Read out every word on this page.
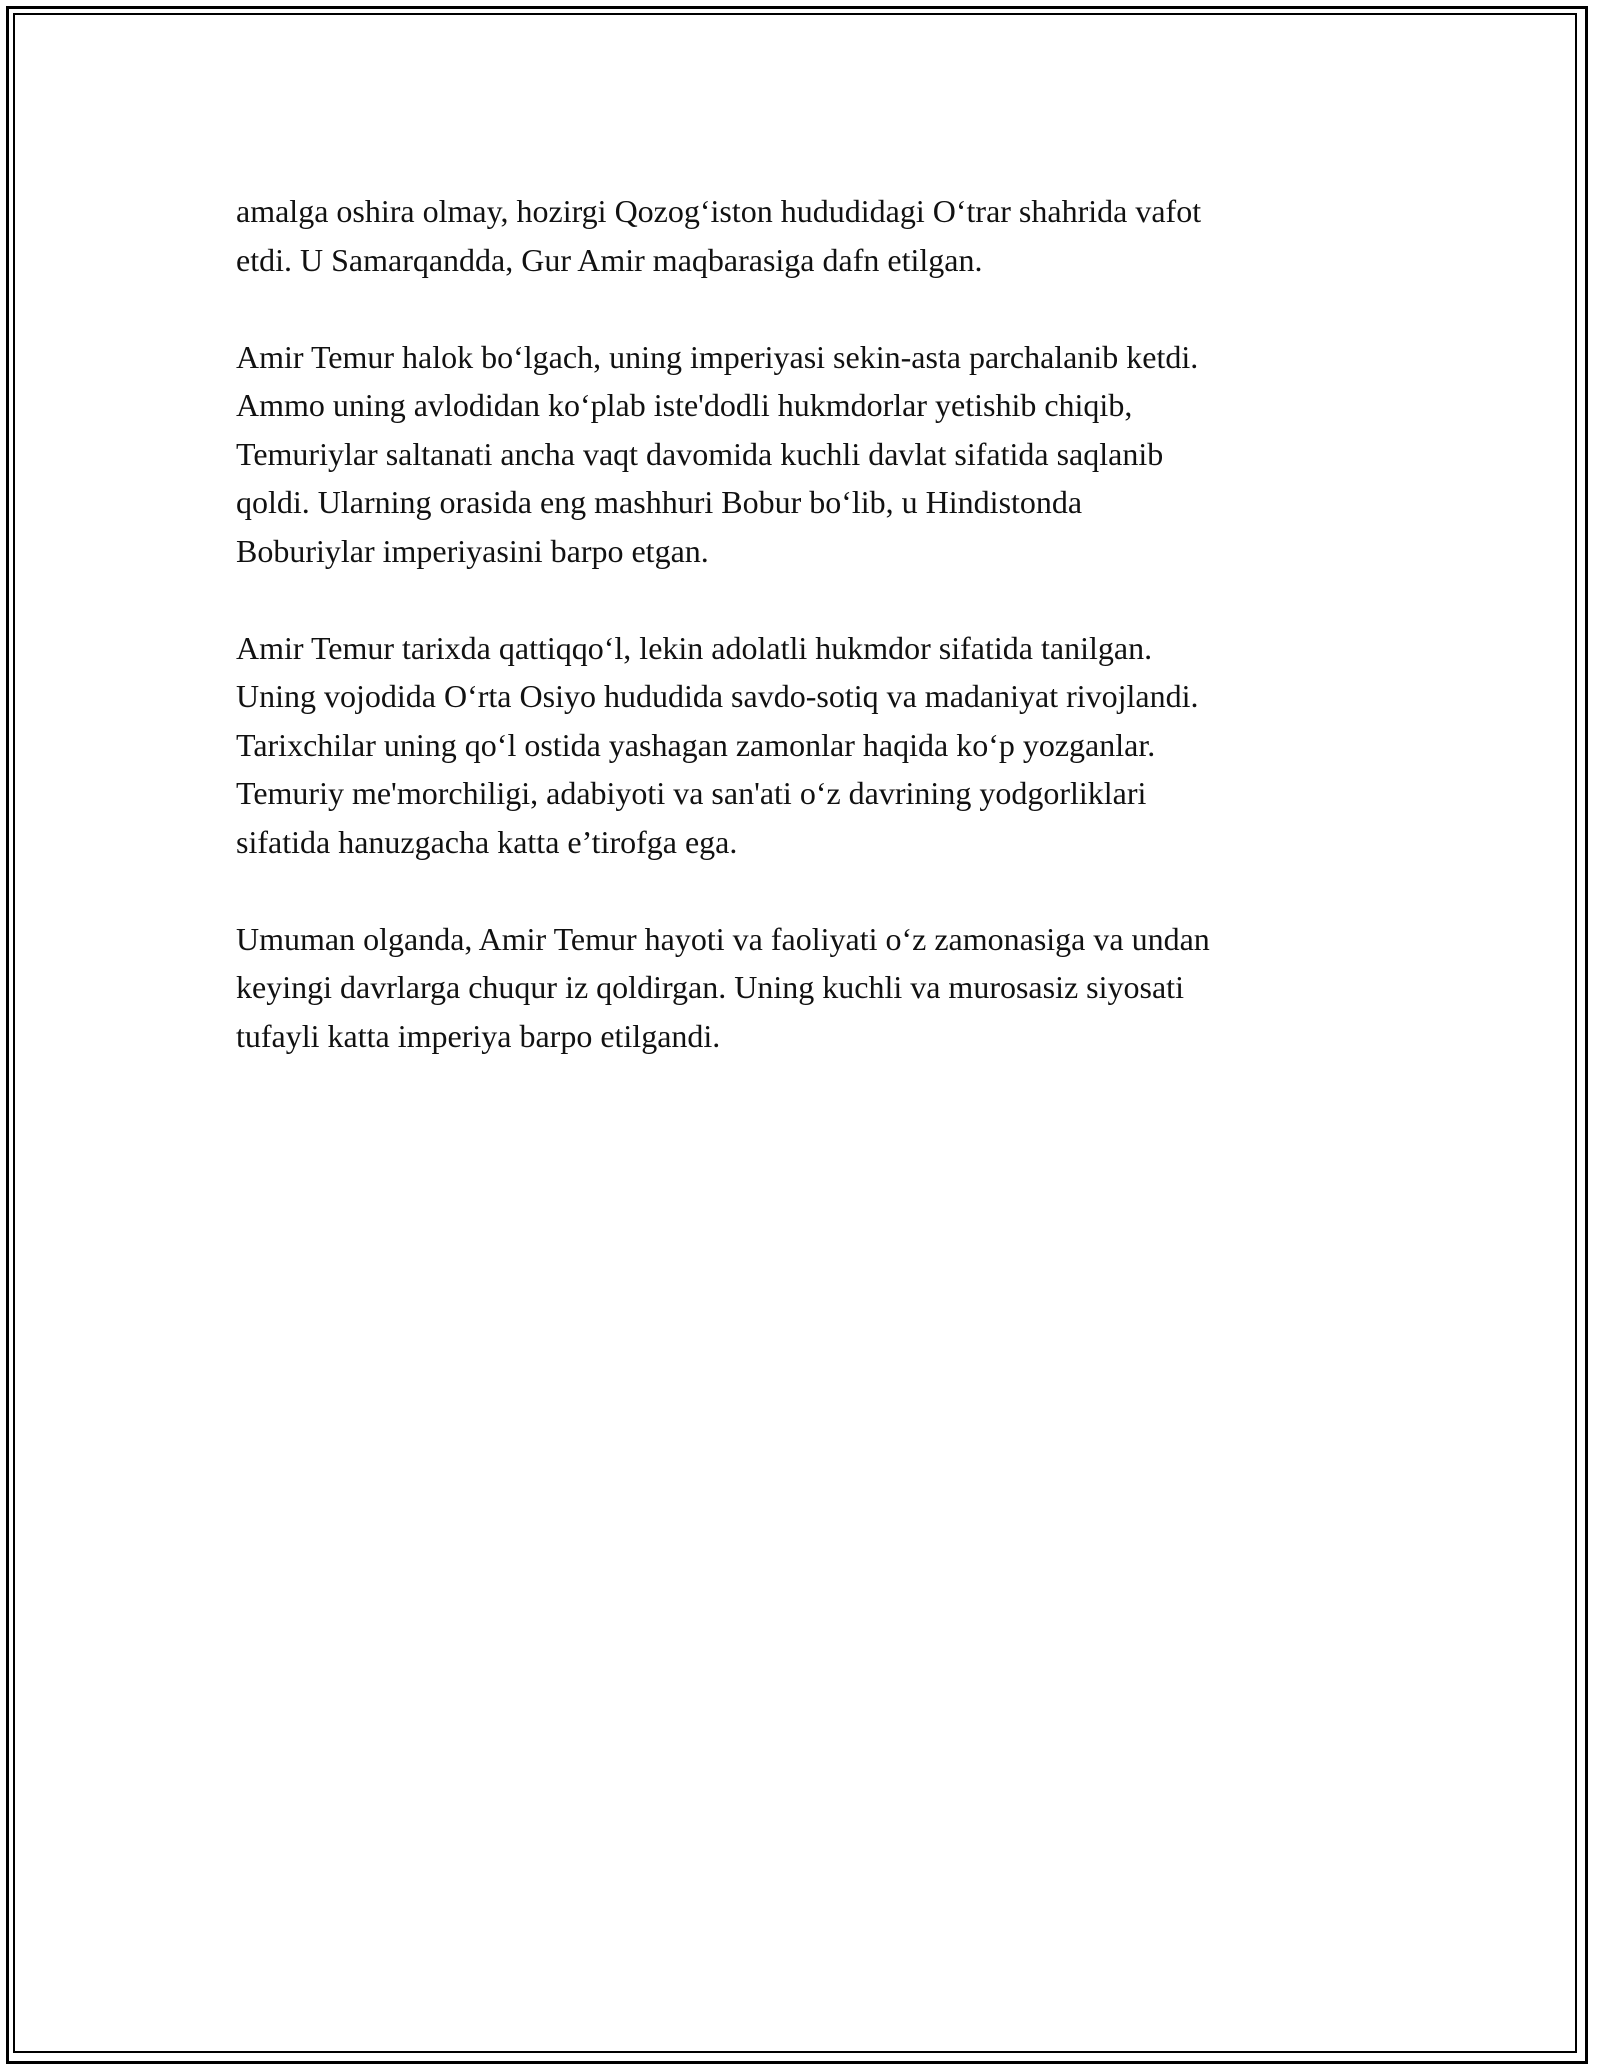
amalga oshira olmay, hozirgi Qozog‘iston hududidagi O‘trar shahrida vafot
etdi. U Samarqandda, Gur Amir maqbarasiga dafn etilgan.

Amir Temur halok bo‘lgach, uning imperiyasi sekin-asta parchalanib ketdi.
Ammo uning avlodidan ko‘plab iste'dodli hukmdorlar yetishib chiqib,
Temuriylar saltanati ancha vaqt davomida kuchli davlat sifatida saqlanib
qoldi. Ularning orasida eng mashhuri Bobur bo‘lib, u Hindistonda
Boburiylar imperiyasini barpo etgan.

Amir Temur tarixda qattiqqo‘l, lekin adolatli hukmdor sifatida tanilgan.
Uning vojodida O‘rta Osiyo hududida savdo-sotiq va madaniyat rivojlandi.
Tarixchilar uning qo‘l ostida yashagan zamonlar haqida ko‘p yozganlar.
Temuriy me'morchiligi, adabiyoti va san'ati o‘z davrining yodgorliklari
sifatida hanuzgacha katta e’tirofga ega.

Umuman olganda, Amir Temur hayoti va faoliyati o‘z zamonasiga va undan
keyingi davrlarga chuqur iz qoldirgan. Uning kuchli va murosasiz siyosati
tufayli katta imperiya barpo etilgandi.
